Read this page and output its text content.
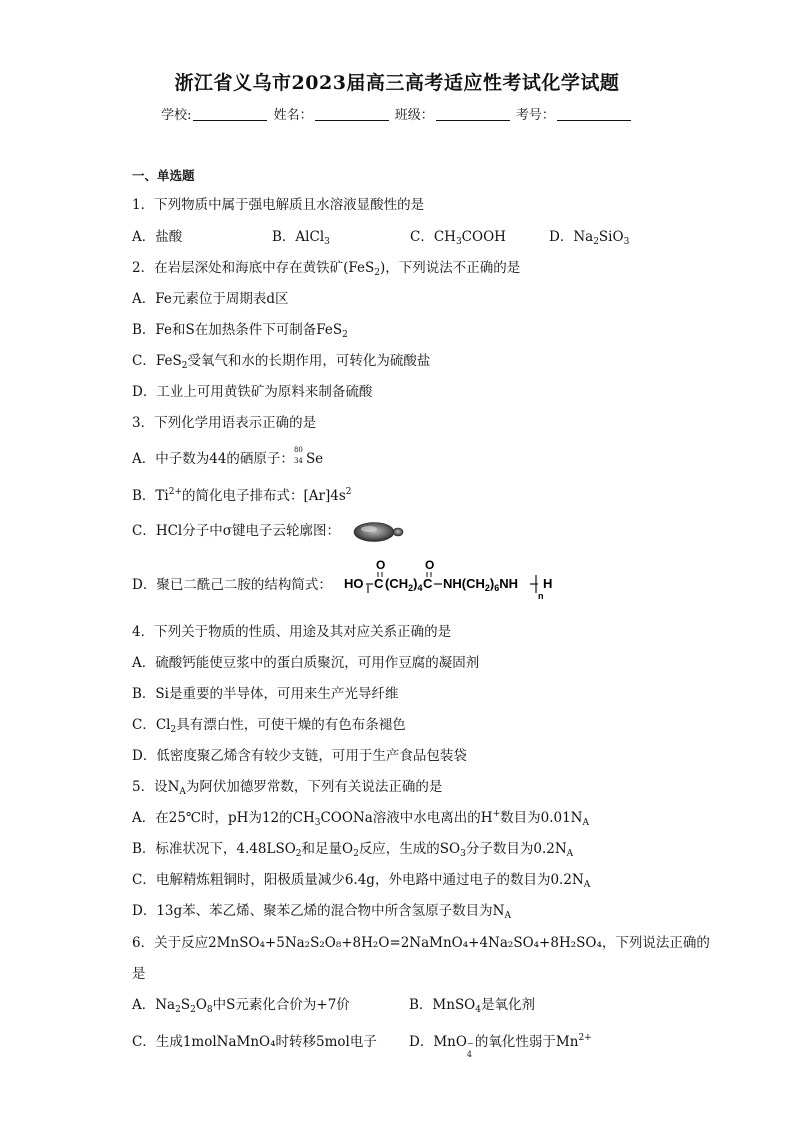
浙江省义乌市2023届高三高考适应性考试化学试题
学校:	姓名：	班级：	考号：
一、单选题
1．下列物质中属于强电解质且水溶液显酸性的是
A．盐酸	B．AlCl$_3$	C．$CH_3COOH$	D．$Na_2SiO_3$
2．在岩层深处和海底中存在黄铁矿(FeS$_2$)，下列说法不正确的是
A．Fe元素位于周期表d区
B．Fe和S在加热条件下可制备FeS$_2$
C．FeS$_2$受氧气和水的长期作用，可转化为硫酸盐
D．工业上可用黄铁矿为原料来制备硫酸
3．下列化学用语表示正确的是
A．中子数为44的硒原子：
80
34 Se
B．$Ti^{2+}$的简化电子排布式：$[Ar]4s^2$
C．HCl分子中σ键电子云轮廓图：
D．聚已二酰己二胺的结构简式： HO
O
C $(CH_2)_4$
O
C $NH(CH_2)_6NH$
n
H
4．下列关于物质的性质、用途及其对应关系正确的是
A．硫酸钙能使豆浆中的蛋白质聚沉，可用作豆腐的凝固剂
B．Si是重要的半导体，可用来生产光导纤维
C．$Cl_2$具有漂白性，可使干燥的有色布条褪色
D．低密度聚乙烯含有较少支链，可用于生产食品包装袋
5．设$N_A$为阿伏加德罗常数，下列有关说法正确的是
A．在25℃时，pH为12的$CH_3COONa$溶液中水电离出的H+数目为$0.01N_A$
B．标准状况下，$4.48LSO_2$和足量$O_2$反应，生成的$SO_3$分子数目为$0.2N_A$
C．电解精炼粗铜时，阳极质量减少6.4g，外电路中通过电子的数目为$0.2N_A$
D．13g苯、苯乙烯、聚苯乙烯的混合物中所含氢原子数目为$N_A$
6．关于反应2MnSO₄+5Na₂S₂O₈+8H₂O=2NaMnO₄+4Na₂SO₄+8H₂SO₄，下列说法正确的
是
A．$Na_2S_2O_8$中S元素化合价为+7价	B．MnSO$_4$是氧化剂
C．生成1molNaMnO₄时转移5mol电子 D．MnO −
4
的氧化性弱于$Mn^{2+}$
